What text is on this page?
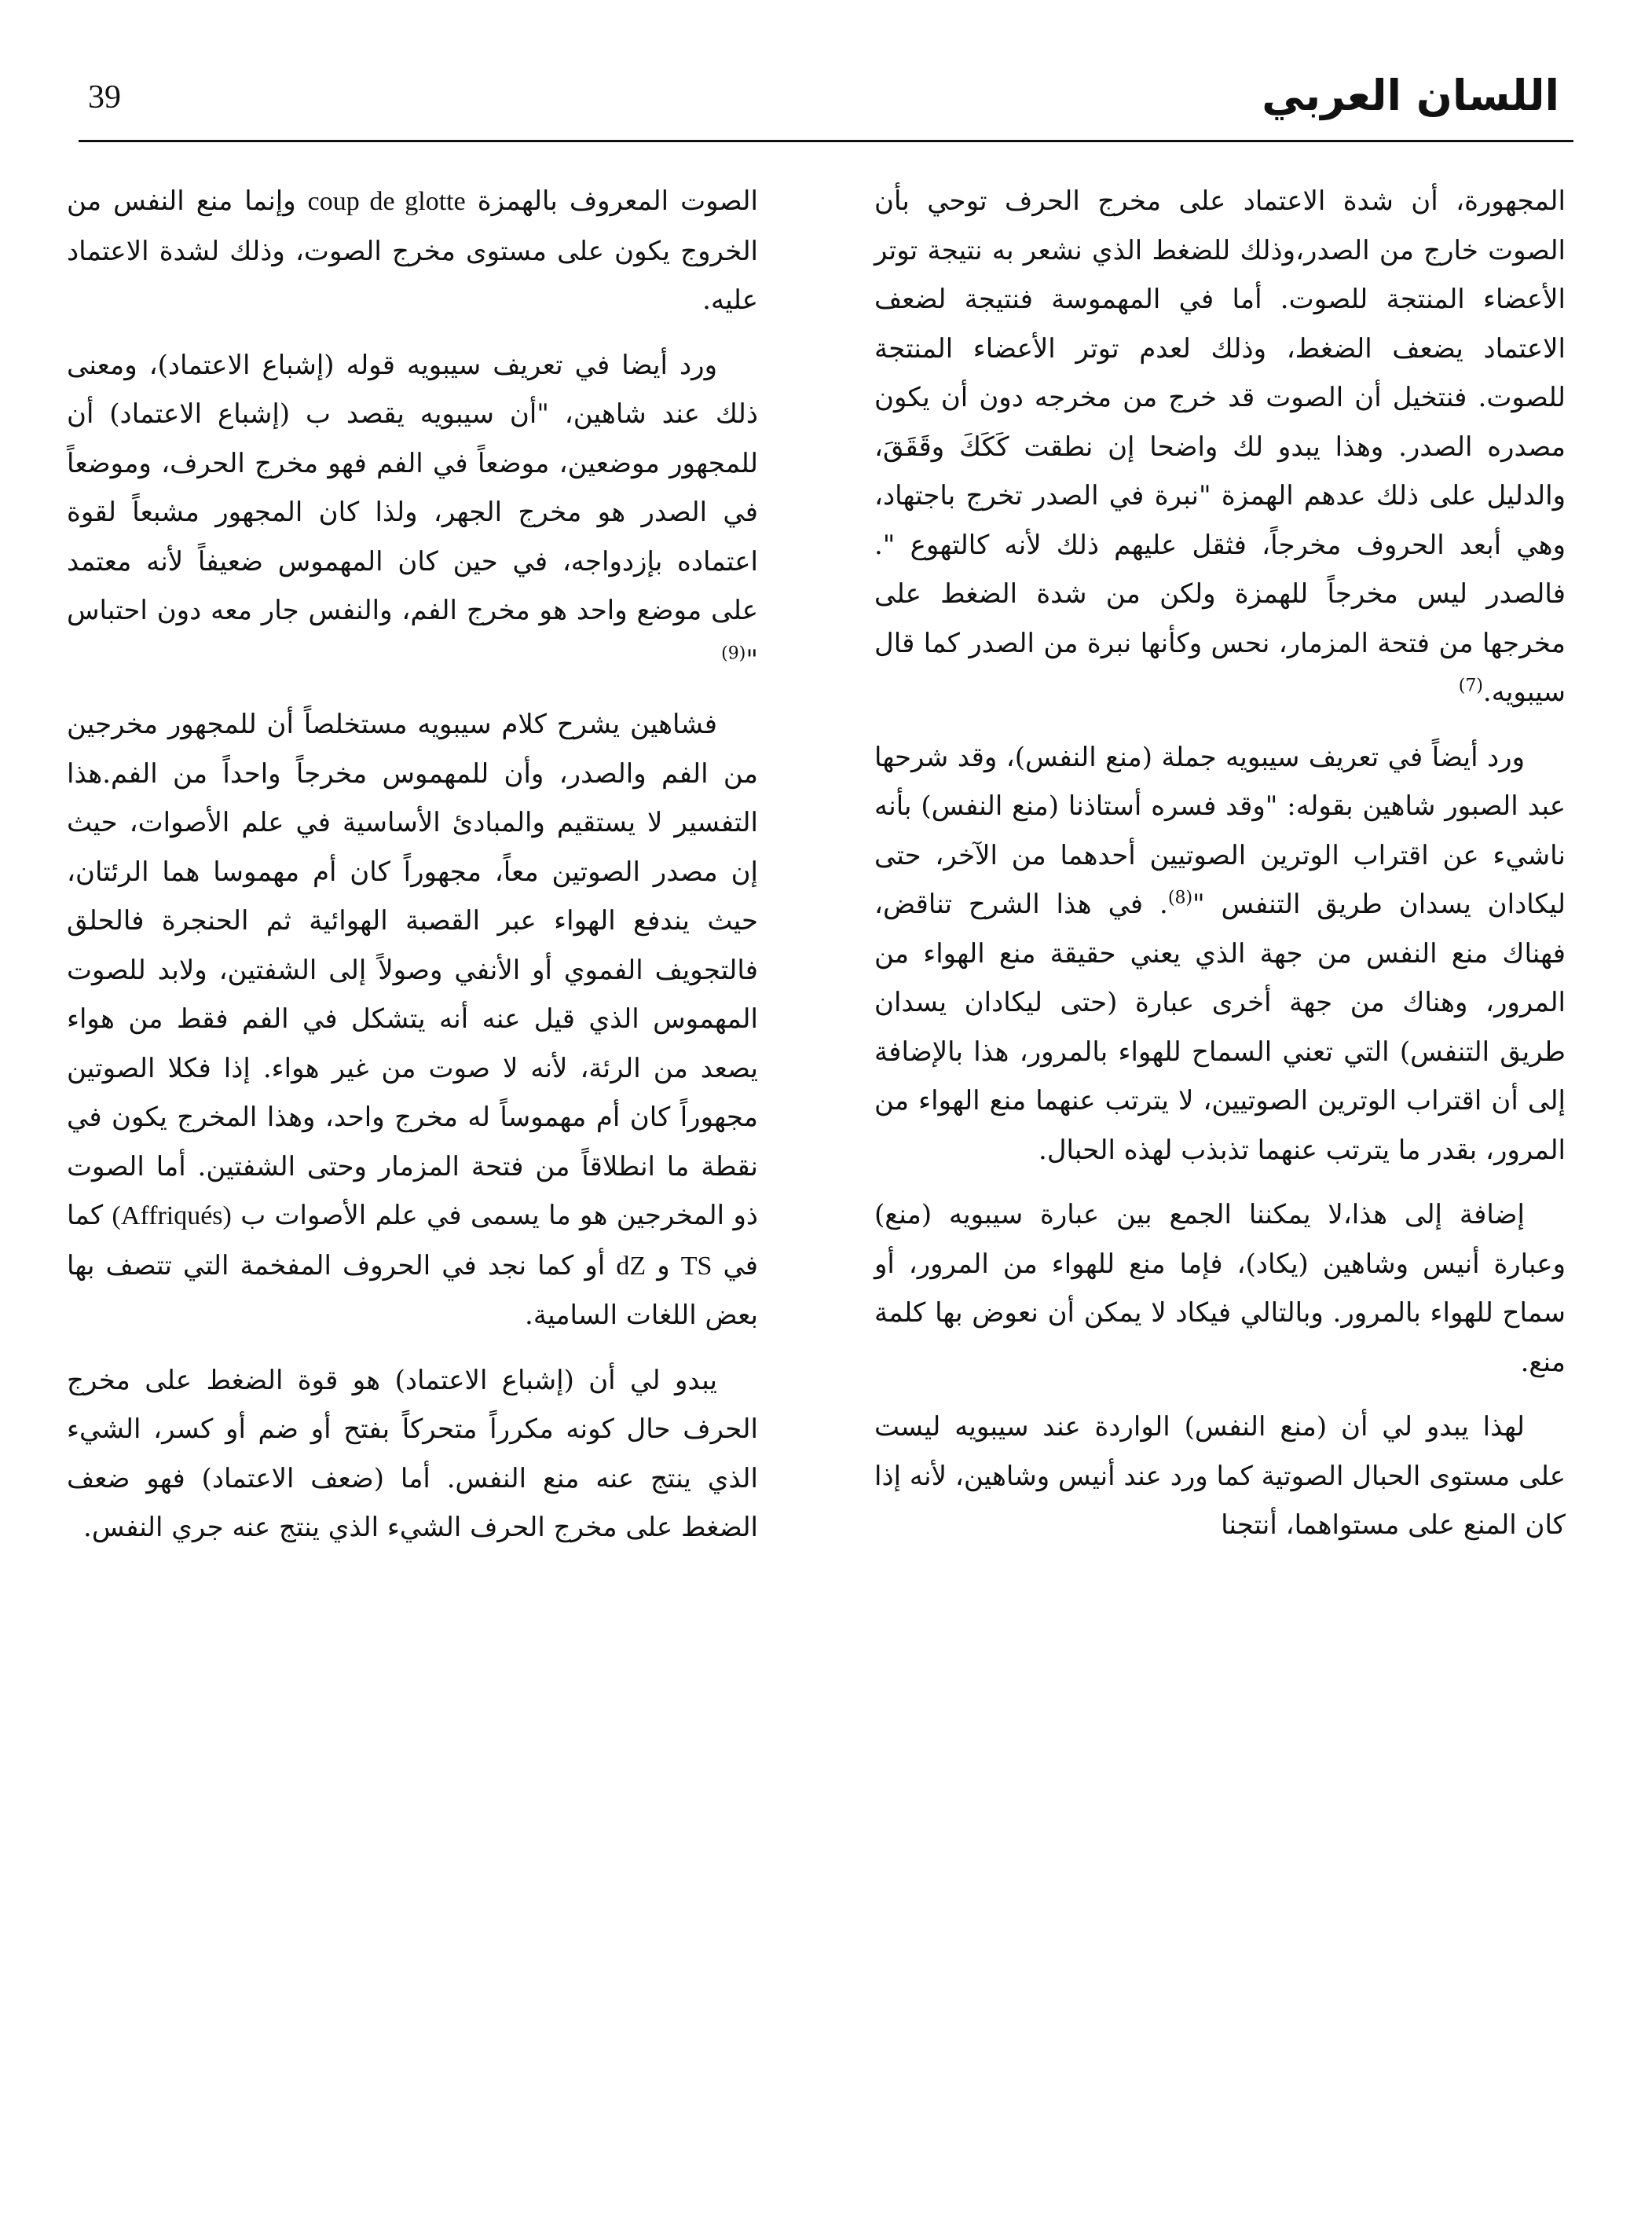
39	اللسان العربي

المجهورة، أن شدة الاعتماد على مخرج الحرف توحي بأن الصوت خارج من الصدر،وذلك للضغط الذي نشعر به نتيجة توتر الأعضاء المنتجة للصوت. أما في المهموسة فنتيجة لضعف الاعتماد يضعف الضغط، وذلك لعدم توتر الأعضاء المنتجة للصوت. فنتخيل أن الصوت قد خرج من مخرجه دون أن يكون مصدره الصدر. وهذا يبدو لك واضحا إن نطقت كَكَكَ وقَقَقَ، والدليل على ذلك عدهم الهمزة "نبرة في الصدر تخرج باجتهاد، وهي أبعد الحروف مخرجاً، فثقل عليهم ذلك لأنه كالتهوع ". فالصدر ليس مخرجاً للهمزة ولكن من شدة الضغط على مخرجها من فتحة المزمار، نحس وكأنها نبرة من الصدر كما قال سيبويه.$^{(7)}$

ورد أيضاً في تعريف سيبويه جملة (منع النفس)، وقد شرحها عبد الصبور شاهين بقوله: "وقد فسره أستاذنا (منع النفس) بأنه ناشيء عن اقتراب الوترين الصوتيين أحدهما من الآخر، حتى ليكادان يسدان طريق التنفس "$^{(8)}$. في هذا الشرح تناقض، فهناك منع النفس من جهة الذي يعني حقيقة منع الهواء من المرور، وهناك من جهة أخرى عبارة (حتى ليكادان يسدان طريق التنفس) التي تعني السماح للهواء بالمرور، هذا بالإضافة إلى أن اقتراب الوترين الصوتيين، لا يترتب عنهما منع الهواء من المرور، بقدر ما يترتب عنهما تذبذب لهذه الحبال.

إضافة إلى هذا،لا يمكننا الجمع بين عبارة سيبويه (منع) وعبارة أنيس وشاهين (يكاد)، فإما منع للهواء من المرور، أو سماح للهواء بالمرور. وبالتالي فيكاد لا يمكن أن نعوض بها كلمة منع.

لهذا يبدو لي أن (منع النفس) الواردة عند سيبويه ليست على مستوى الحبال الصوتية كما ورد عند أنيس وشاهين، لأنه إذا كان المنع على مستواهما، أنتجنا

الصوت المعروف بالهمزة coup de glotte وإنما منع النفس من الخروج يكون على مستوى مخرج الصوت، وذلك لشدة الاعتماد عليه.

ورد أيضا في تعريف سيبويه قوله (إشباع الاعتماد)، ومعنى ذلك عند شاهين، "أن سيبويه يقصد ب (إشباع الاعتماد) أن للمجهور موضعين، موضعاً في الفم فهو مخرج الحرف، وموضعاً في الصدر هو مخرج الجهر، ولذا كان المجهور مشبعاً لقوة اعتماده بإزدواجه، في حين كان المهموس ضعيفاً لأنه معتمد على موضع واحد هو مخرج الفم، والنفس جار معه دون احتباس "$^{(9)}$

فشاهين يشرح كلام سيبويه مستخلصاً أن للمجهور مخرجين من الفم والصدر، وأن للمهموس مخرجاً واحداً من الفم.هذا التفسير لا يستقيم والمبادئ الأساسية في علم الأصوات، حيث إن مصدر الصوتين معاً، مجهوراً كان أم مهموسا هما الرئتان، حيث يندفع الهواء عبر القصبة الهوائية ثم الحنجرة فالحلق فالتجويف الفموي أو الأنفي وصولاً إلى الشفتين، ولابد للصوت المهموس الذي قيل عنه أنه يتشكل في الفم فقط من هواء يصعد من الرئة، لأنه لا صوت من غير هواء. إذا فكلا الصوتين مجهوراً كان أم مهموساً له مخرج واحد، وهذا المخرج يكون في نقطة ما انطلاقاً من فتحة المزمار وحتى الشفتين. أما الصوت ذو المخرجين هو ما يسمى في علم الأصوات ب (Affriqués) كما في TS و dZ أو كما نجد في الحروف المفخمة التي تتصف بها بعض اللغات السامية.

يبدو لي أن (إشباع الاعتماد) هو قوة الضغط على مخرج الحرف حال كونه مكرراً متحركاً بفتح أو ضم أو كسر، الشيء الذي ينتج عنه منع النفس. أما (ضعف الاعتماد) فهو ضعف الضغط على مخرج الحرف الشيء الذي ينتج عنه جري النفس.
